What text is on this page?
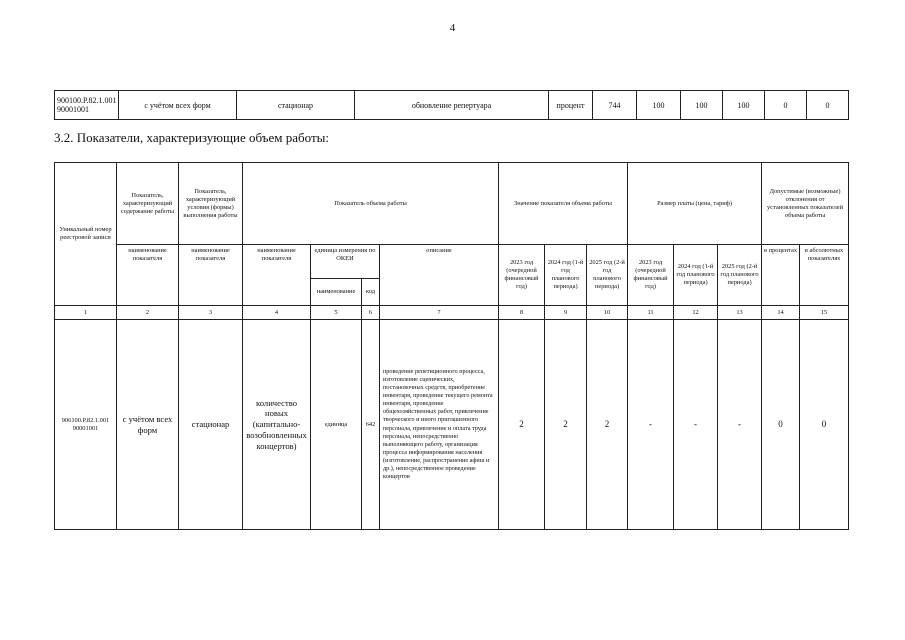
4
900100.Р.82.1.001 90001001	с учётом всех форм	стационар	обновление репертуара	процент	744	100	100	100	0	0
3.2. Показатели, характеризующие объем работы:
Уникальный номер реестровой записи	Показатель, характеризующий содержание работы	Показатель, характеризующий условия (формы) выполнения работы	Показатель объема работы				Значение показателя объема работы			Размер платы (цена, тариф)			Допустимые (возможные) отклонения от установленных показателей объема работы	
	наименование показателя	наименование показателя	наименование показателя	единица измерения по ОКЕИ		описание	2023 год (очередной финансовый год)	2024 год (1-й год планового периода)	2025 год (2-й год планового периода)	2023 год (очередной финансовый год)	2024 год (1-й год планового периода)	2025 год (2-й год планового периода)	в процентах	в абсолютных показателях
				наименование	код									
1	2	3	4	5	6	7	8	9	10	11	12	13	14	15
906100.Р.82.1.001 90001001	с учётом всех форм	стационар	количество новых (капитально-возобновленных концертов)	единица	642	проведение репетиционного процесса, изготовление сценических, постановочных средств, приобретение инвентаря, проведение текущего ремонта инвентаря, проведение общехозяйственных работ, привлечение творческого и иного приглашенного персонала, привлечение и оплата труда персонала, непосредственно выполняющего работу, организация процесса информирования населения (изготовление, распространение афиш и др.), непосредственное проведение концертов	2	2	2	-	-	-	0	0
